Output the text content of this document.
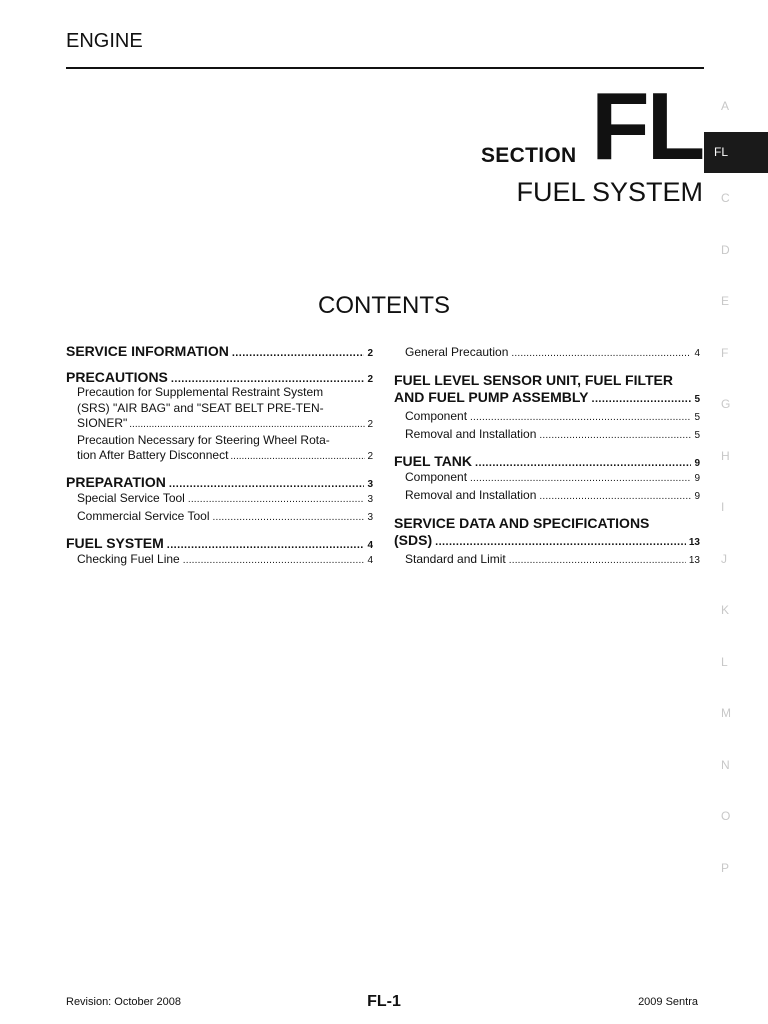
ENGINE
SECTION FL
FUEL SYSTEM
A
FL
C
D
E
F
G
H
I
J
K
L
M
N
O
P
CONTENTS
SERVICE INFORMATION .....	2
PRECAUTIONS .....	2
Precaution for Supplemental Restraint System
(SRS) "AIR BAG" and "SEAT BELT PRE-TEN-
SIONER" .....	2
Precaution Necessary for Steering Wheel Rota-
tion After Battery Disconnect .....	2
PREPARATION .....	3
Special Service Tool .....	3
Commercial Service Tool .....	3
FUEL SYSTEM .....	4
Checking Fuel Line .....	4
General Precaution .....	4
FUEL LEVEL SENSOR UNIT, FUEL FILTER
AND FUEL PUMP ASSEMBLY .....	5
Component .....	5
Removal and Installation .....	5
FUEL TANK .....	9
Component .....	9
Removal and Installation .....	9
SERVICE DATA AND SPECIFICATIONS
(SDS) .....	13
Standard and Limit .....	13
Revision: October 2008	FL-1	2009 Sentra
